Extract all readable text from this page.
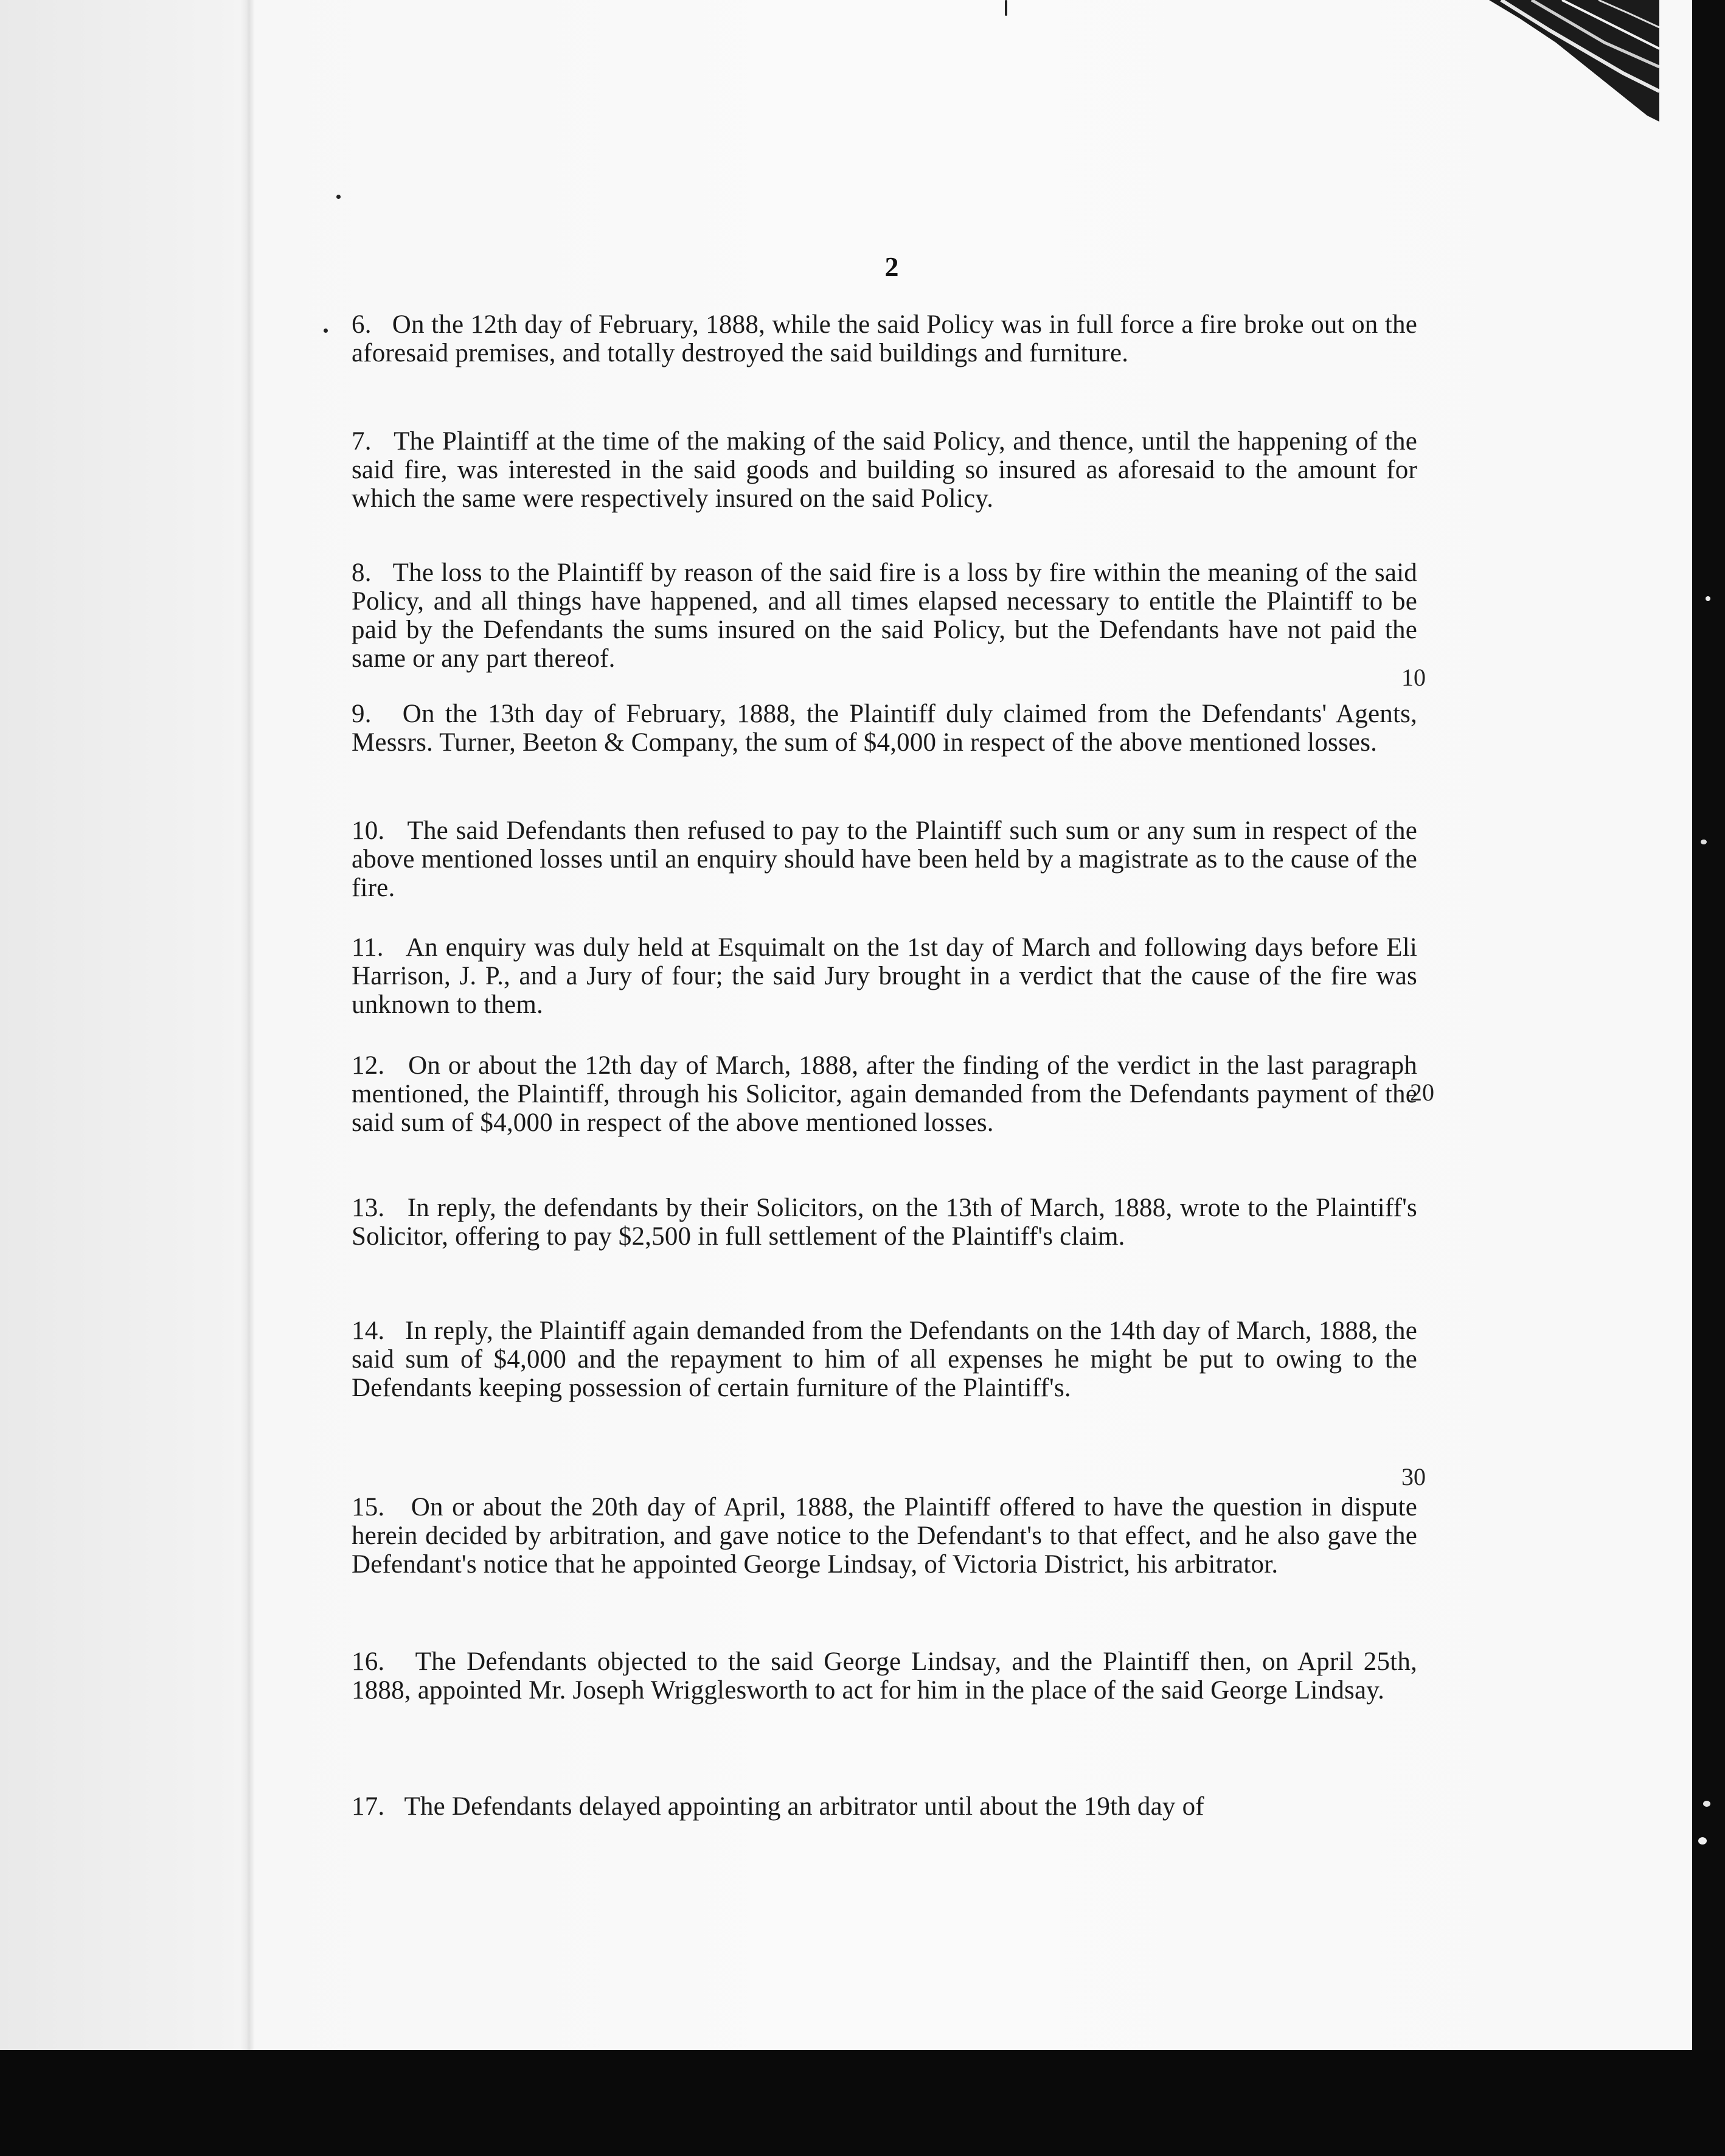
2
6. On the 12th day of February, 1888, while the said Policy was in full force a fire broke out on the aforesaid premises, and totally destroyed the said buildings and furniture.
7. The Plaintiff at the time of the making of the said Policy, and thence, until the happening of the said fire, was interested in the said goods and building so insured as aforesaid to the amount for which the same were respectively insured on the said Policy.
8. The loss to the Plaintiff by reason of the said fire is a loss by fire within the meaning of the said Policy, and all things have happened, and all times elapsed necessary to entitle the Plaintiff to be paid by the Defendants the sums insured on the said Policy, but the Defendants have not paid the same or any part thereof.
9. On the 13th day of February, 1888, the Plaintiff duly claimed from the Defendants' Agents, Messrs. Turner, Beeton & Company, the sum of $4,000 in respect of the above mentioned losses.
10. The said Defendants then refused to pay to the Plaintiff such sum or any sum in respect of the above mentioned losses until an enquiry should have been held by a magistrate as to the cause of the fire.
11. An enquiry was duly held at Esquimalt on the 1st day of March and following days before Eli Harrison, J. P., and a Jury of four; the said Jury brought in a verdict that the cause of the fire was unknown to them.
12. On or about the 12th day of March, 1888, after the finding of the verdict in the last paragraph mentioned, the Plaintiff, through his Solicitor, again demanded from the Defendants payment of the said sum of $4,000 in respect of the above mentioned losses.
13. In reply, the defendants by their Solicitors, on the 13th of March, 1888, wrote to the Plaintiff's Solicitor, offering to pay $2,500 in full settlement of the Plaintiff's claim.
14. In reply, the Plaintiff again demanded from the Defendants on the 14th day of March, 1888, the said sum of $4,000 and the repayment to him of all expenses he might be put to owing to the Defendants keeping possession of certain furniture of the Plaintiff's.
15. On or about the 20th day of April, 1888, the Plaintiff offered to have the question in dispute herein decided by arbitration, and gave notice to the Defendant's to that effect, and he also gave the Defendant's notice that he appointed George Lindsay, of Victoria District, his arbitrator.
16. The Defendants objected to the said George Lindsay, and the Plaintiff then, on April 25th, 1888, appointed Mr. Joseph Wrigglesworth to act for him in the place of the said George Lindsay.
17. The Defendants delayed appointing an arbitrator until about the 19th day of
10
20
30
